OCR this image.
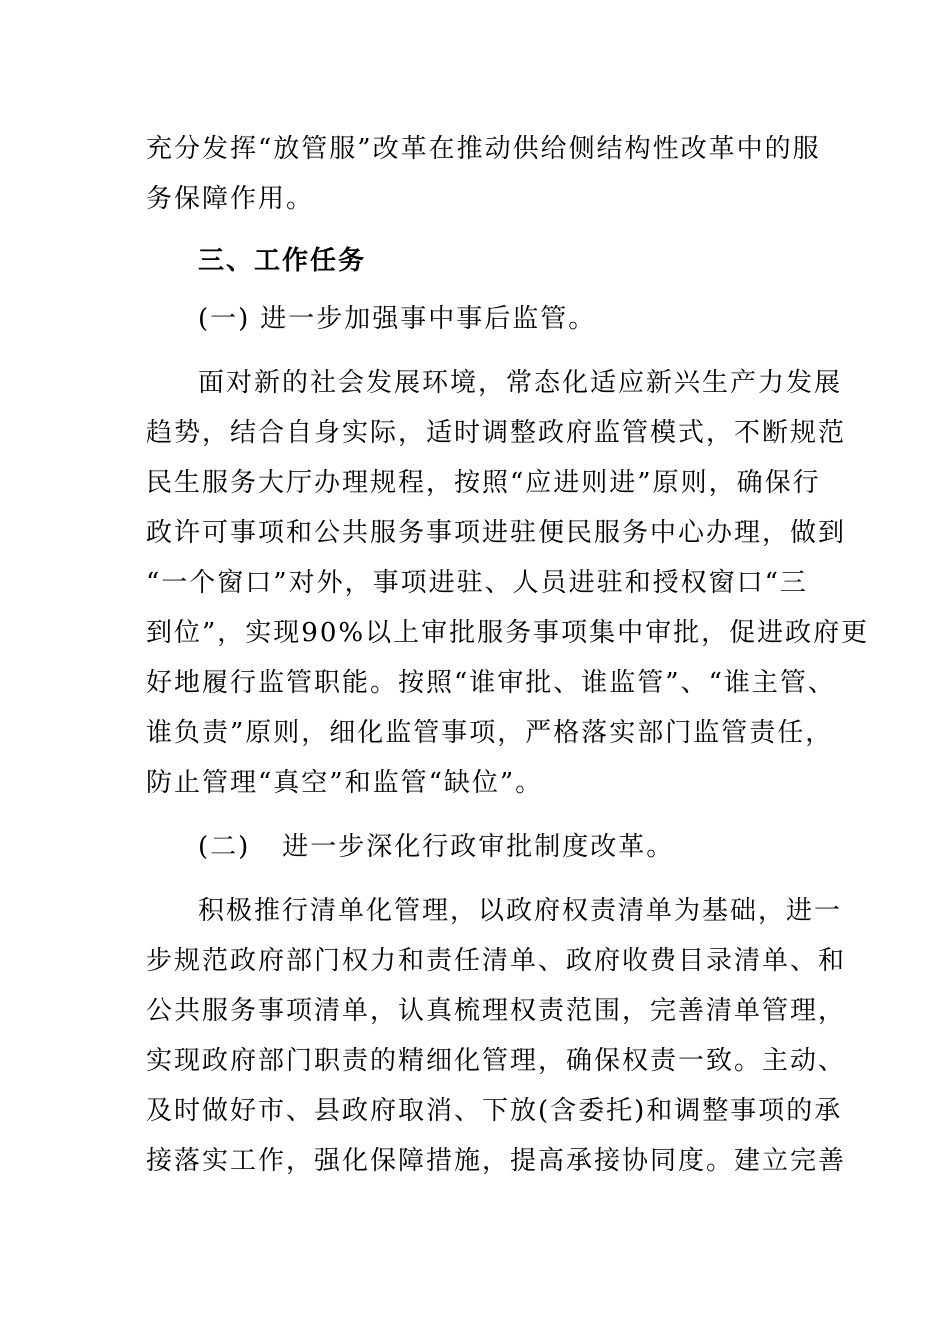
充分发挥“放管服”改革在推动供给侧结构性改革中的服
务保障作用。
三、工作任务
(一) 进一步加强事中事后监管。
面对新的社会发展环境，常态化适应新兴生产力发展
趋势，结合自身实际，适时调整政府监管模式，不断规范
民生服务大厅办理规程，按照“应进则进”原则，确保行
政许可事项和公共服务事项进驻便民服务中心办理，做到
“一个窗口”对外，事项进驻、人员进驻和授权窗口“三
到位”，实现90%以上审批服务事项集中审批，促进政府更
好地履行监管职能。按照“谁审批、谁监管”、“谁主管、
谁负责”原则，细化监管事项，严格落实部门监管责任，
防止管理“真空”和监管“缺位”。
(二) 进一步深化行政审批制度改革。
积极推行清单化管理，以政府权责清单为基础，进一
步规范政府部门权力和责任清单、政府收费目录清单、和
公共服务事项清单，认真梳理权责范围，完善清单管理，
实现政府部门职责的精细化管理，确保权责一致。主动、
及时做好市、县政府取消、下放(含委托)和调整事项的承
接落实工作，强化保障措施，提高承接协同度。建立完善
